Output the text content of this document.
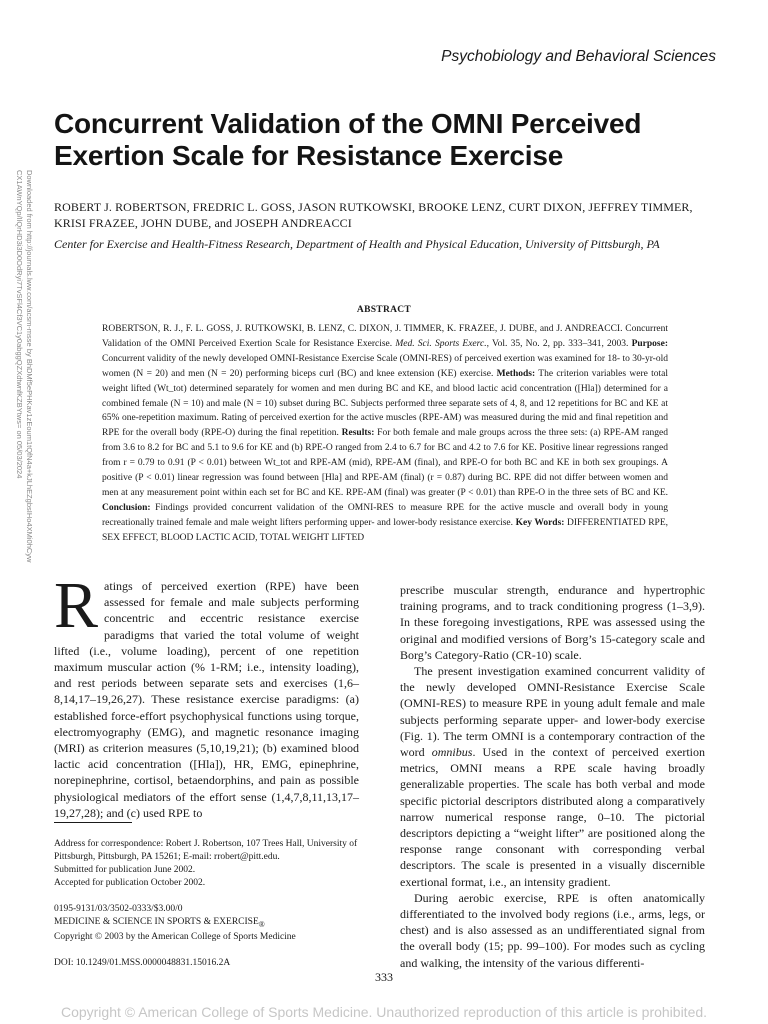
Psychobiology and Behavioral Sciences

Concurrent Validation of the OMNI Perceived
Exertion Scale for Resistance Exercise

ROBERT J. ROBERTSON, FREDRIC L. GOSS, JASON RUTKOWSKI, BROOKE LENZ, CURT DIXON, JEFFREY TIMMER, KRISI FRAZEE, JOHN DUBE, and JOSEPH ANDREACCI

Center for Exercise and Health-Fitness Research, Department of Health and Physical Education, University of Pittsburgh, PA

Downloaded from http://journals.lww.com/acsm-msse by BhDMf5ePHKav1zEoum1tQfN4a+kJLhEZgbsIHo4XMi0hCyw
CX1AWnYQp/IlQrHD3i3D0OdRyi7TvSFl4Cf3VC1y0abggQZXdtwnfKZBYtws= on 05/03/2024	ABSTRACT

ROBERTSON, R. J., F. L. GOSS, J. RUTKOWSKI, B. LENZ, C. DIXON, J. TIMMER, K. FRAZEE, J. DUBE, and J. ANDREACCI. Concurrent Validation of the OMNI Perceived Exertion Scale for Resistance Exercise. Med. Sci. Sports Exerc., Vol. 35, No. 2, pp. 333–341, 2003. Purpose: Concurrent validity of the newly developed OMNI-Resistance Exercise Scale (OMNI-RES) of perceived exertion was examined for 18- to 30-yr-old women (N = 20) and men (N = 20) performing biceps curl (BC) and knee extension (KE) exercise. Methods: The criterion variables were total weight lifted (Wt_tot) determined separately for women and men during BC and KE, and blood lactic acid concentration ([Hla]) determined for a combined female (N = 10) and male (N = 10) subset during BC. Subjects performed three separate sets of 4, 8, and 12 repetitions for BC and KE at 65% one-repetition maximum. Rating of perceived exertion for the active muscles (RPE-AM) was measured during the mid and final repetition and RPE for the overall body (RPE-O) during the final repetition. Results: For both female and male groups across the three sets: (a) RPE-AM ranged from 3.6 to 8.2 for BC and 5.1 to 9.6 for KE and (b) RPE-O ranged from 2.4 to 6.7 for BC and 4.2 to 7.6 for KE. Positive linear regressions ranged from r = 0.79 to 0.91 (P < 0.01) between Wt_tot and RPE-AM (mid), RPE-AM (final), and RPE-O for both BC and KE in both sex groupings. A positive (P < 0.01) linear regression was found between [Hla] and RPE-AM (final) (r = 0.87) during BC. RPE did not differ between women and men at any measurement point within each set for BC and KE. RPE-AM (final) was greater (P < 0.01) than RPE-O in the three sets of BC and KE. Conclusion: Findings provided concurrent validation of the OMNI-RES to measure RPE for the active muscle and overall body in young recreationally trained female and male weight lifters performing upper- and lower-body resistance exercise. Key Words: DIFFERENTIATED RPE, SEX EFFECT, BLOOD LACTIC ACID, TOTAL WEIGHT LIFTED

Ratings of perceived exertion (RPE) have been assessed for female and male subjects performing concentric and eccentric resistance exercise paradigms that varied the total volume of weight lifted (i.e., volume loading), percent of one repetition maximum muscular action (% 1-RM; i.e., intensity loading), and rest periods between separate sets and exercises (1,6–8,14,17–19,26,27). These resistance exercise paradigms: (a) established force-effort psychophysical functions using torque, electromyography (EMG), and magnetic resonance imaging (MRI) as criterion measures (5,10,19,21); (b) examined blood lactic acid concentration ([Hla]), HR, EMG, epinephrine, norepinephrine, cortisol, betaendorphins, and pain as possible physiological mediators of the effort sense (1,4,7,8,11,13,17–19,27,28); and (c) used RPE to

prescribe muscular strength, endurance and hypertrophic training programs, and to track conditioning progress (1–3,9). In these foregoing investigations, RPE was assessed using the original and modified versions of Borg’s 15-category scale and Borg’s Category-Ratio (CR-10) scale.

The present investigation examined concurrent validity of the newly developed OMNI-Resistance Exercise Scale (OMNI-RES) to measure RPE in young adult female and male subjects performing separate upper- and lower-body exercise (Fig. 1). The term OMNI is a contemporary contraction of the word omnibus. Used in the context of perceived exertion metrics, OMNI means a RPE scale having broadly generalizable properties. The scale has both verbal and mode specific pictorial descriptors distributed along a comparatively narrow numerical response range, 0–10. The pictorial descriptors depicting a “weight lifter” are positioned along the response range consonant with corresponding verbal descriptors. The scale is presented in a visually discernible exertional format, i.e., an intensity gradient.

During aerobic exercise, RPE is often anatomically differentiated to the involved body regions (i.e., arms, legs, or chest) and is also assessed as an undifferentiated signal from the overall body (15; pp. 99–100). For modes such as cycling and walking, the intensity of the various differenti-

Address for correspondence: Robert J. Robertson, 107 Trees Hall, University of Pittsburgh, Pittsburgh, PA 15261; E-mail: rrobert@pitt.edu.

Submitted for publication June 2002.

Accepted for publication October 2002.

0195-9131/03/3502-0333/$3.00/0

MEDICINE & SCIENCE IN SPORTS & $EXERCISE_®$

Copyright © 2003 by the American College of Sports Medicine

DOI: 10.1249/01.MSS.0000048831.15016.2A

333
Copyright © American College of Sports Medicine. Unauthorized reproduction of this article is prohibited.
